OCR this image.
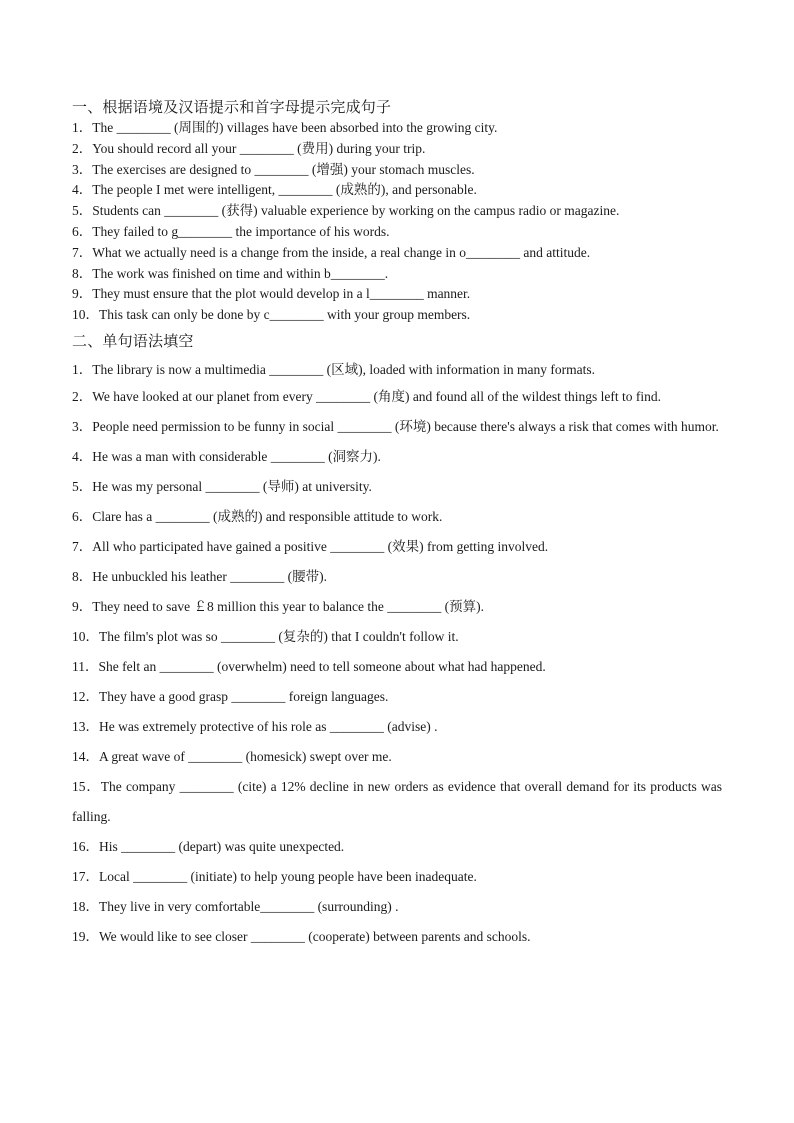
一、根据语境及汉语提示和首字母提示完成句子

1．The ________ (周围的) villages have been absorbed into the growing city.
2．You should record all your ________ (费用) during your trip.
3．The exercises are designed to ________ (增强) your stomach muscles.
4．The people I met were intelligent, ________ (成熟的), and personable.
5．Students can ________ (获得) valuable experience by working on the campus radio or magazine.
6．They failed to g________ the importance of his words.
7．What we actually need is a change from the inside, a real change in o________ and attitude.
8．The work was finished on time and within b________.
9．They must ensure that the plot would develop in a l________ manner.
10．This task can only be done by c________ with your group members.

二、单句语法填空

1．The library is now a multimedia ________ (区域), loaded with information in many formats.
2．We have looked at our planet from every ________ (角度) and found all of the wildest things left to find.
3．People need permission to be funny in social ________ (环境) because there's always a risk that comes with humor.
4．He was a man with considerable ________ (洞察力).
5．He was my personal ________ (导师) at university.
6．Clare has a ________ (成熟的) and responsible attitude to work.
7．All who participated have gained a positive ________ (效果) from getting involved.
8．He unbuckled his leather ________ (腰带).
9．They need to save ￡8 million this year to balance the ________ (预算).
10．The film's plot was so ________ (复杂的) that I couldn't follow it.
11．She felt an ________ (overwhelm) need to tell someone about what had happened.
12．They have a good grasp ________ foreign languages.
13．He was extremely protective of his role as ________ (advise) .
14．A great wave of ________ (homesick) swept over me.
15．The company ________ (cite) a 12% decline in new orders as evidence that overall demand for its products was falling.
16．His ________ (depart) was quite unexpected.
17．Local ________ (initiate) to help young people have been inadequate.
18．They live in very comfortable________ (surrounding) .
19．We would like to see closer ________ (cooperate) between parents and schools.
